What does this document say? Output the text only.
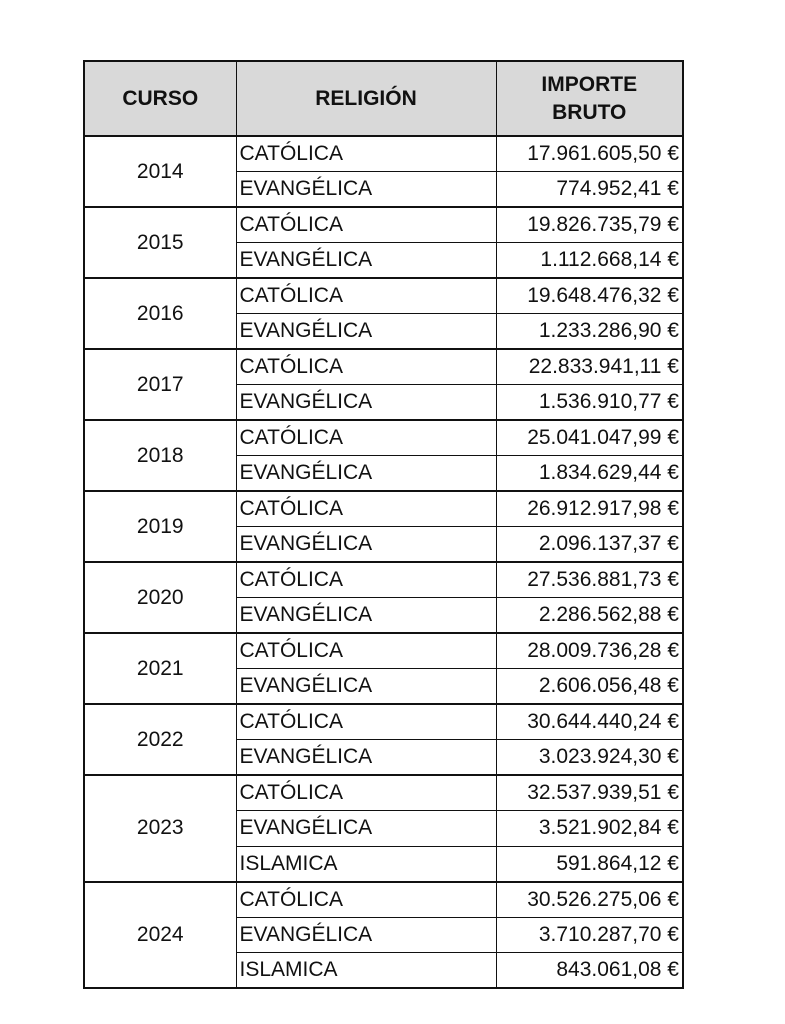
CURSO	RELIGIÓN	IMPORTE
BRUTO

2014	CATÓLICA	17.961.605,50 €
	EVANGÉLICA	774.952,41 €
2015	CATÓLICA	19.826.735,79 €
	EVANGÉLICA	1.112.668,14 €
2016	CATÓLICA	19.648.476,32 €
	EVANGÉLICA	1.233.286,90 €
2017	CATÓLICA	22.833.941,11 €
	EVANGÉLICA	1.536.910,77 €
2018	CATÓLICA	25.041.047,99 €
	EVANGÉLICA	1.834.629,44 €
2019	CATÓLICA	26.912.917,98 €
	EVANGÉLICA	2.096.137,37 €
2020	CATÓLICA	27.536.881,73 €
	EVANGÉLICA	2.286.562,88 €
2021	CATÓLICA	28.009.736,28 €
	EVANGÉLICA	2.606.056,48 €
2022	CATÓLICA	30.644.440,24 €
	EVANGÉLICA	3.023.924,30 €
2023	CATÓLICA	32.537.939,51 €
	EVANGÉLICA	3.521.902,84 €
	ISLAMICA	591.864,12 €
2024	CATÓLICA	30.526.275,06 €
	EVANGÉLICA	3.710.287,70 €
	ISLAMICA	843.061,08 €
